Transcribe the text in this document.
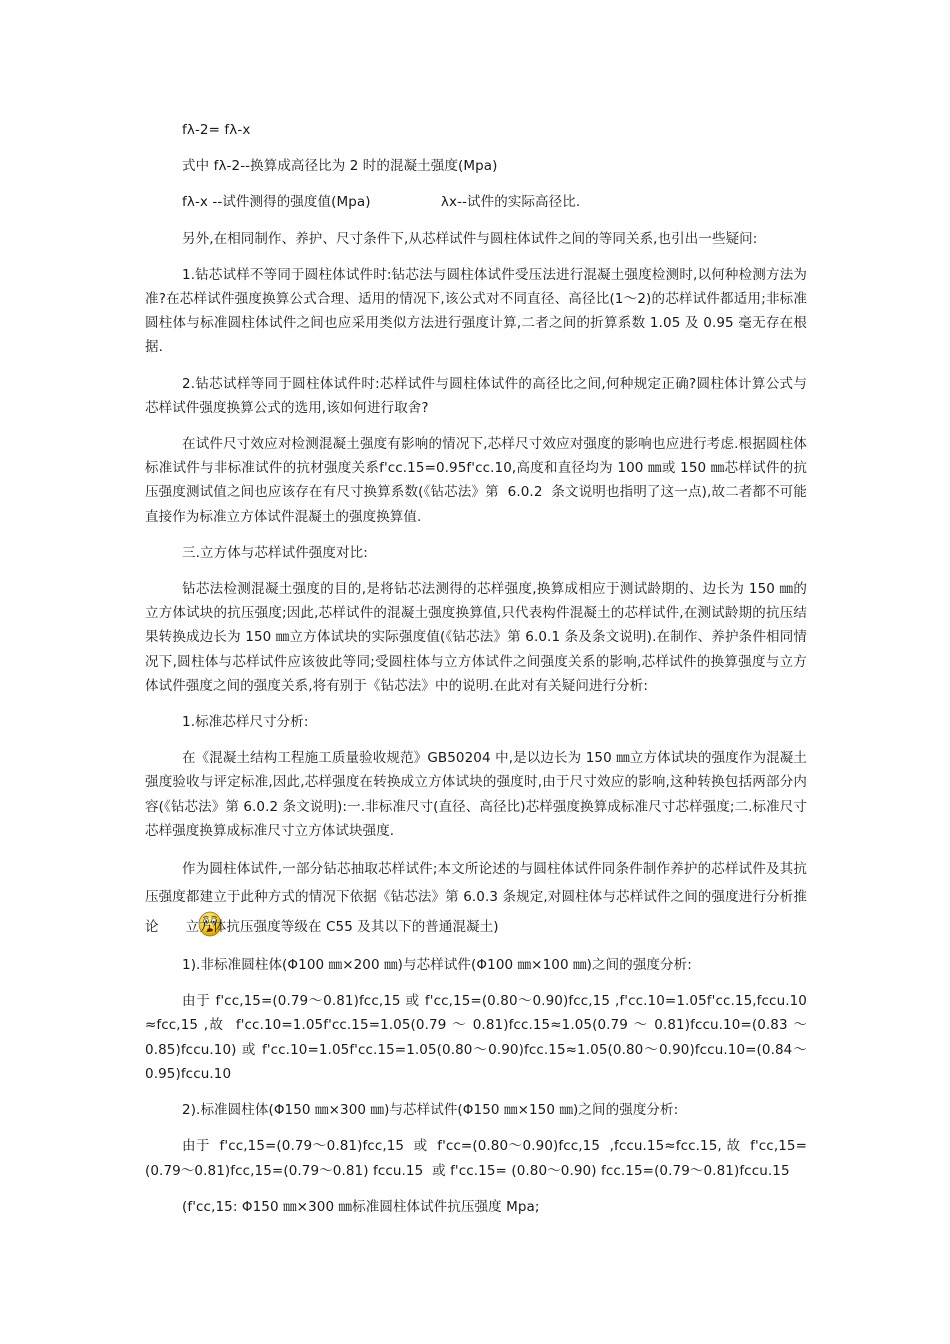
fλ-2= fλ-x

式中 fλ-2--换算成高径比为 2 时的混凝土强度(Mpa)

fλ-x --试件测得的强度值(Mpa)                λx--试件的实际高径比.

另外,在相同制作、养护、尺寸条件下,从芯样试件与圆柱体试件之间的等同关系,也引出一些疑问:

1.钻芯试样不等同于圆柱体试件时:钻芯法与圆柱体试件受压法进行混凝土强度检测时,以何种检测方法为准?在芯样试件强度换算公式合理、适用的情况下,该公式对不同直径、高径比(1～2)的芯样试件都适用;非标准圆柱体与标准圆柱体试件之间也应采用类似方法进行强度计算,二者之间的折算系数 1.05 及 0.95 毫无存在根据.

2.钻芯试样等同于圆柱体试件时:芯样试件与圆柱体试件的高径比之间,何种规定正确?圆柱体计算公式与芯样试件强度换算公式的选用,该如何进行取舍?

在试件尺寸效应对检测混凝土强度有影响的情况下,芯样尺寸效应对强度的影响也应进行考虑.根据圆柱体标准试件与非标准试件的抗材强度关系f'cc.15=0.95f'cc.10,高度和直径均为 100 ㎜或 150 ㎜芯样试件的抗压强度测试值之间也应该存在有尺寸换算系数(《钻芯法》第  6.0.2  条文说明也指明了这一点),故二者都不可能直接作为标准立方体试件混凝土的强度换算值.

三.立方体与芯样试件强度对比:

钻芯法检测混凝土强度的目的,是将钻芯法测得的芯样强度,换算成相应于测试龄期的、边长为 150 ㎜的立方体试块的抗压强度;因此,芯样试件的混凝土强度换算值,只代表构件混凝土的芯样试件,在测试龄期的抗压结果转换成边长为 150 ㎜立方体试块的实际强度值(《钻芯法》第 6.0.1 条及条文说明).在制作、养护条件相同情况下,圆柱体与芯样试件应该彼此等同;受圆柱体与立方体试件之间强度关系的影响,芯样试件的换算强度与立方体试件强度之间的强度关系,将有别于《钻芯法》中的说明.在此对有关疑问进行分析:

1.标准芯样尺寸分析:

在《混凝土结构工程施工质量验收规范》GB50204 中,是以边长为 150 ㎜立方体试块的强度作为混凝土强度验收与评定标准,因此,芯样强度在转换成立方体试块的强度时,由于尺寸效应的影响,这种转换包括两部分内容(《钻芯法》第 6.0.2 条文说明):一.非标准尺寸(直径、高径比)芯样强度换算成标准尺寸芯样强度;二.标准尺寸芯样强度换算成标准尺寸立方体试块强度.

作为圆柱体试件,一部分钻芯抽取芯样试件;本文所论述的与圆柱体试件同条件制作养护的芯样试件及其抗压强度都建立于此种方式的情况下依据《钻芯法》第 6.0.3 条规定,对圆柱体与芯样试件之间的强度进行分析推论 立方体抗压强度等级在 C55 及其以下的普通混凝土)

1).非标准圆柱体(Φ100 ㎜×200 ㎜)与芯样试件(Φ100 ㎜×100 ㎜)之间的强度分析:

由于 f'cc,15=(0.79～0.81)fcc,15 或 f'cc,15=(0.80～0.90)fcc,15 ,f'cc.10=1.05f'cc.15,fccu.10≈fcc,15 ,故  f'cc.10=1.05f'cc.15=1.05(0.79 ～ 0.81)fcc.15≈1.05(0.79 ～ 0.81)fccu.10=(0.83 ～ 0.85)fccu.10) 或 f'cc.10=1.05f'cc.15=1.05(0.80～0.90)fcc.15≈1.05(0.80～0.90)fccu.10=(0.84～0.95)fccu.10

2).标准圆柱体(Φ150 ㎜×300 ㎜)与芯样试件(Φ150 ㎜×150 ㎜)之间的强度分析:

由于  f'cc,15=(0.79～0.81)fcc,15  或  f'cc=(0.80～0.90)fcc,15  ,fccu.15≈fcc.15, 故  f'cc,15=(0.79～0.81)fcc,15=(0.79～0.81) fccu.15  或 f'cc.15= (0.80～0.90) fcc.15=(0.79～0.81)fccu.15

(f'cc,15: Φ150 ㎜×300 ㎜标准圆柱体试件抗压强度 Mpa;
